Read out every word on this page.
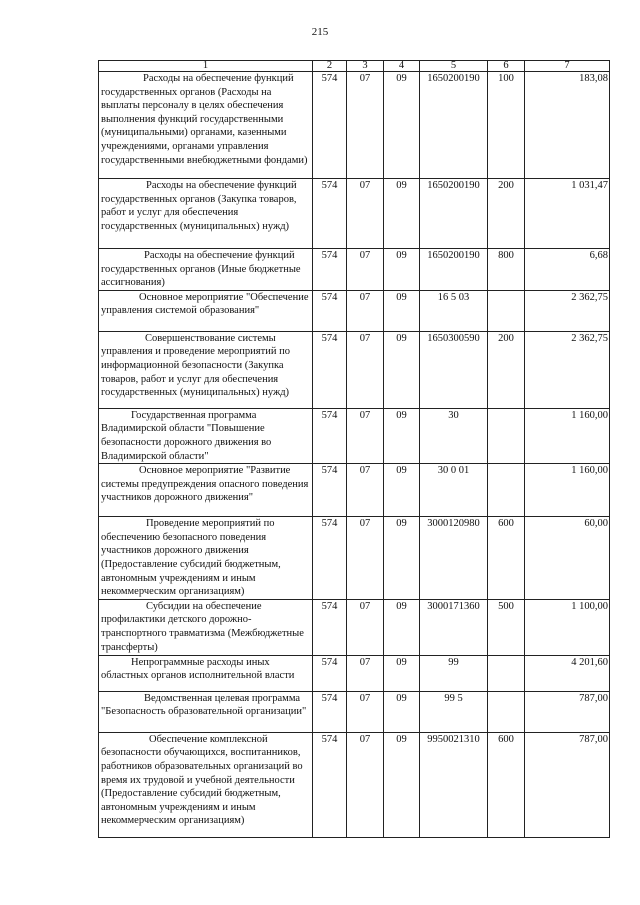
215
1	2	3	4	5	6	7
Расходы на обеспечение функций государственных органов (Расходы на выплаты персоналу в целях обеспечения выполнения функций государственными (муниципальными) органами, казенными учреждениями, органами управления государственными внебюджетными фондами)	574	07	09	1650200190	100	183,08
Расходы на обеспечение функций государственных органов (Закупка товаров, работ и услуг для обеспечения государственных (муниципальных) нужд)	574	07	09	1650200190	200	1 031,47
Расходы на обеспечение функций государственных органов (Иные бюджетные ассигнования)	574	07	09	1650200190	800	6,68
Основное мероприятие "Обеспечение управления системой образования"	574	07	09	16 5 03		2 362,75
Совершенствование системы управления и проведение мероприятий по информационной безопасности (Закупка товаров, работ и услуг для обеспечения государственных (муниципальных) нужд)	574	07	09	1650300590	200	2 362,75
Государственная программа Владимирской области "Повышение безопасности дорожного движения во Владимирской области"	574	07	09	30		1 160,00
Основное мероприятие "Развитие системы предупреждения опасного поведения участников дорожного движения"	574	07	09	30 0 01		1 160,00
Проведение мероприятий по обеспечению безопасного поведения участников дорожного движения (Предоставление субсидий бюджетным, автономным учреждениям и иным некоммерческим организациям)	574	07	09	3000120980	600	60,00
Субсидии на обеспечение профилактики детского дорожно-транспортного травматизма (Межбюджетные трансферты)	574	07	09	3000171360	500	1 100,00
Непрограммные расходы иных областных органов исполнительной власти	574	07	09	99		4 201,60
Ведомственная целевая программа "Безопасность образовательной организации"	574	07	09	99 5		787,00
Обеспечение комплексной безопасности обучающихся, воспитанников, работников образовательных организаций во время их трудовой и учебной деятельности (Предоставление субсидий бюджетным, автономным учреждениям и иным некоммерческим организациям)	574	07	09	9950021310	600	787,00
